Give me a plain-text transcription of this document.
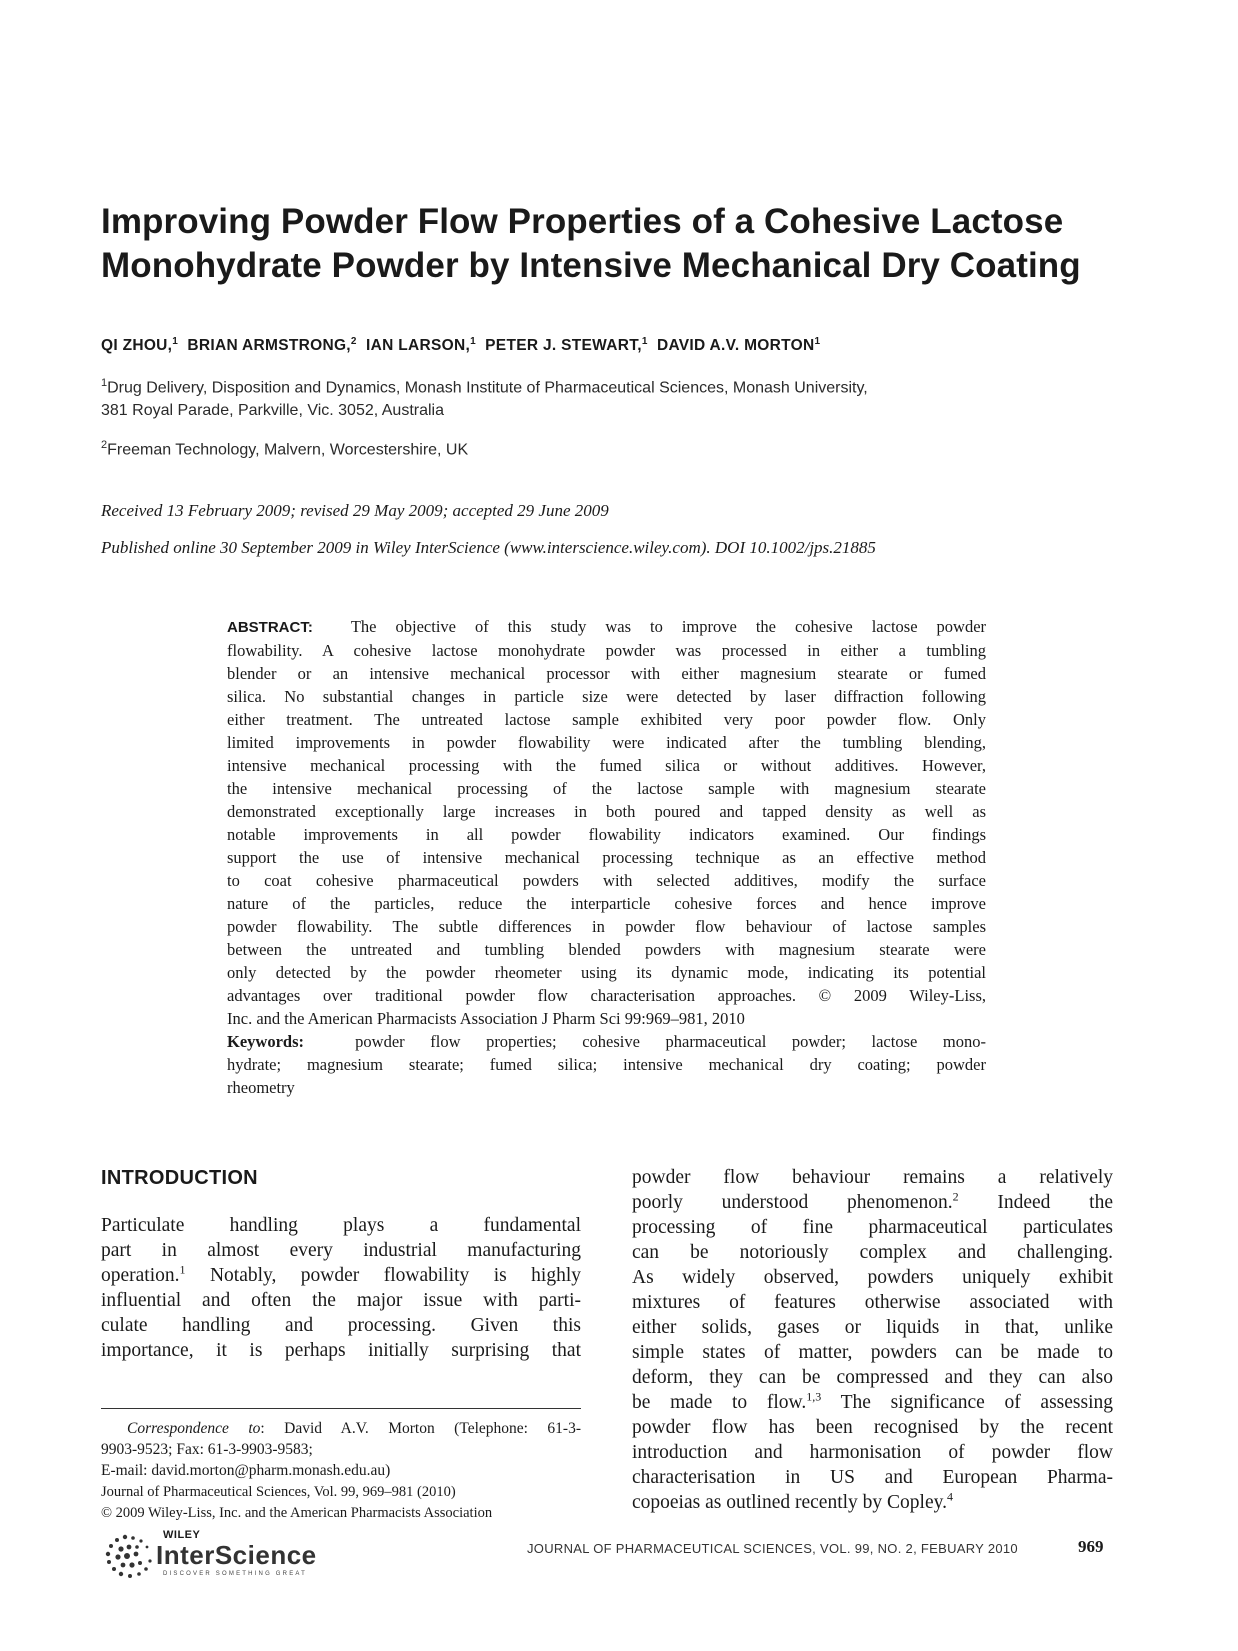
Improving Powder Flow Properties of a Cohesive Lactose
Monohydrate Powder by Intensive Mechanical Dry Coating
QI ZHOU,$^1$ BRIAN ARMSTRONG,$^2$ IAN LARSON,$^1$ PETER J. STEWART,$^1$ DAVID A.V. MORTON$^1$
$^1$Drug Delivery, Disposition and Dynamics, Monash Institute of Pharmaceutical Sciences, Monash University,
381 Royal Parade, Parkville, Vic. 3052, Australia
$^2$Freeman Technology, Malvern, Worcestershire, UK
Received 13 February 2009; revised 29 May 2009; accepted 29 June 2009
Published online 30 September 2009 in Wiley InterScience (www.interscience.wiley.com). DOI 10.1002/jps.21885
ABSTRACT: The objective of this study was to improve the cohesive lactose powder
flowability. A cohesive lactose monohydrate powder was processed in either a tumbling
blender or an intensive mechanical processor with either magnesium stearate or fumed
silica. No substantial changes in particle size were detected by laser diffraction following
either treatment. The untreated lactose sample exhibited very poor powder flow. Only
limited improvements in powder flowability were indicated after the tumbling blending,
intensive mechanical processing with the fumed silica or without additives. However,
the intensive mechanical processing of the lactose sample with magnesium stearate
demonstrated exceptionally large increases in both poured and tapped density as well as
notable improvements in all powder flowability indicators examined. Our findings
support the use of intensive mechanical processing technique as an effective method
to coat cohesive pharmaceutical powders with selected additives, modify the surface
nature of the particles, reduce the interparticle cohesive forces and hence improve
powder flowability. The subtle differences in powder flow behaviour of lactose samples
between the untreated and tumbling blended powders with magnesium stearate were
only detected by the powder rheometer using its dynamic mode, indicating its potential
advantages over traditional powder flow characterisation approaches. © 2009 Wiley-Liss,
Inc. and the American Pharmacists Association J Pharm Sci 99:969–981, 2010
Keywords:	powder flow properties; cohesive pharmaceutical powder; lactose mono-
hydrate; magnesium stearate; fumed silica; intensive mechanical dry coating; powder
rheometry
INTRODUCTION
Particulate handling plays a fundamental
part in almost every industrial manufacturing
operation.$^1$ Notably, powder flowability is highly
influential and often the major issue with parti-
culate handling and processing. Given this
importance, it is perhaps initially surprising that
powder flow behaviour remains a relatively
poorly understood phenomenon.$^2$ Indeed the
processing of fine pharmaceutical particulates
can be notoriously complex and challenging.
As widely observed, powders uniquely exhibit
mixtures of features otherwise associated with
either solids, gases or liquids in that, unlike
simple states of matter, powders can be made to
deform, they can be compressed and they can also
be made to flow.$^{1,3}$ The significance of assessing
powder flow has been recognised by the recent
introduction and harmonisation of powder flow
characterisation in US and European Pharma-
copoeias as outlined recently by Copley.$^4$
Correspondence to: David A.V. Morton (Telephone: 61-3-
9903-9523; Fax: 61-3-9903-9583;
E-mail: david.morton@pharm.monash.edu.au)
Journal of Pharmaceutical Sciences, Vol. 99, 969–981 (2010)
© 2009 Wiley-Liss, Inc. and the American Pharmacists Association
WILEY
InterScience
DISCOVER SOMETHING GREAT
JOURNAL OF PHARMACEUTICAL SCIENCES, VOL. 99, NO. 2, FEBUARY 2010	969
